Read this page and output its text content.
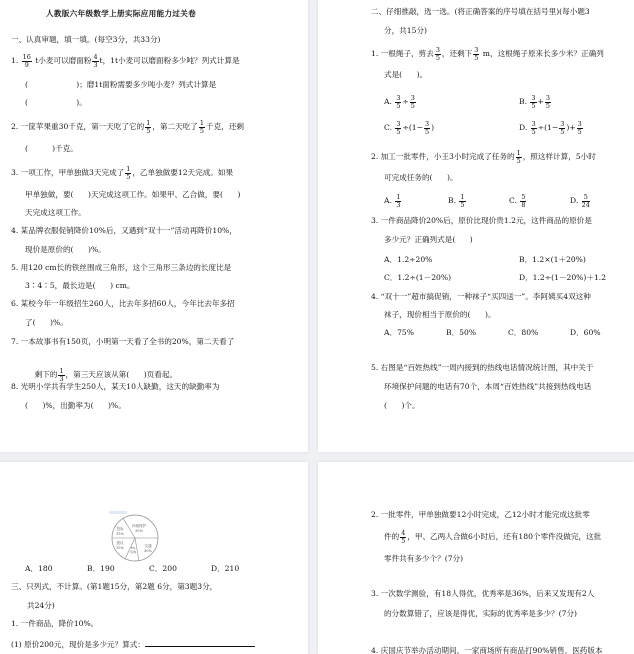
人教版六年级数学上册实际应用能力过关卷
一、认真审题，填一填。(每空3分，共33分)
1. $\frac{16}{9}$ t小麦可以磨面粉 $\frac{4}{3}$ t，1t小麦可以磨面粉多少吨？列式计算是
(                    )；磨1t面粉需要多少吨小麦？列式计算是
(                    )。
2. 一筐苹果重30千克，第一天吃了它的 $\frac{1}{5}$ ，第二天吃了 $\frac{1}{5}$ 千克，还剩
(          )千克。
3. 一项工作，甲单独做3天完成了 $\frac{1}{5}$ ，乙单独做要12天完成。如果
甲单独做，要(      )天完成这项工作。如果甲、乙合做，要(      )
天完成这项工作。
4. 某品牌衣服促销降价10%后，又遇到“双十一”活动再降价10%，
现价是原价的(      )%。
5. 用120 cm长的铁丝围成三角形，这个三角形三条边的长度比是
3∶4∶5，最长边是(      ) cm。
6. 某校今年一年级招生260人，比去年多招60人，今年比去年多招
了(      )%。
7. 一本故事书有150页，小明第一天看了全书的20%，第二天看了

剩下的 $\frac{1}{3}$ ，第三天应该从第(      )页看起。

8. 光明小学共有学生250人，某天10人缺勤，这天的缺勤率为
(      )%，出勤率为(      )%。
二、仔细推敲，选一选。(将正确答案的序号填在括号里)(每小题3
分，共15分)
1. 一根绳子，剪去 $\frac{3}{5}$ ，还剩下 $\frac{3}{5}$ m，这根绳子原来长多少米？正确列
式是(      )。
A. $\frac{3}{5} \div \frac{3}{5}$	B. $\frac{3}{5} + \frac{3}{5}$
C. $\frac{3}{5} \div(1- \frac{3}{5}$ )	D. $\frac{3}{5} \div(1- \frac{3}{5}$ )+ $\frac{3}{5}$
2. 加工一批零件，小王3小时完成了任务的 $\frac{1}{5}$ ，照这样计算，5小时
可完成任务的(      )。
A. $\frac{1}{3}$	B. $\frac{1}{5}$	C. $\frac{5}{8}$	D. $\frac{5}{24}$
3. 一件商品降价20%后，原价比现价贵1.2元，这件商品的原价是
多少元？正确列式是(      )
A．1.2÷20%	B．1.2×(1＋20%)
C．1.2÷(1－20%)	D．1.2÷(1－20%)＋1.2
4. “双十一”超市搞促销，一种袜子“买四送一”。李阿姨买4双这种
袜子，现价相当于原价的(      )。
A．75%	B．50%	C．80%	D．60%
5. 右图是“百姓热线”一周内接到的热线电话情况统计图，其中关于
环境保护问题的电话有70个，本周“百姓热线”共接到热线电话
(      )个。
环境保护
35%
投诉
15%
建议
15%	交通
30%
5%
咨询
A．180	B．190	C．200	D．210
三、只列式，不计算。(第1题15分，第2题 6分，第3题3分，
共24分)
1. 一件商品，降价10%。
(1) 原价200元，现价是多少元？算式：
2. 一批零件，甲单独做要12小时完成，乙12小时才能完成这批零
件的 $\frac{4}{5}$ ，甲、乙两人合做6小时后，还有180个零件没做完，这批
零件共有多少个？(7分)
3. 一次数学测验，有18人得优，优秀率是36%，后来又发现有2人
的分数算错了，应该是得优，实际的优秀率是多少？(7分)
4. 庆国庆节举办活动期间，一家商场所有商品打90%销售，医药版本
